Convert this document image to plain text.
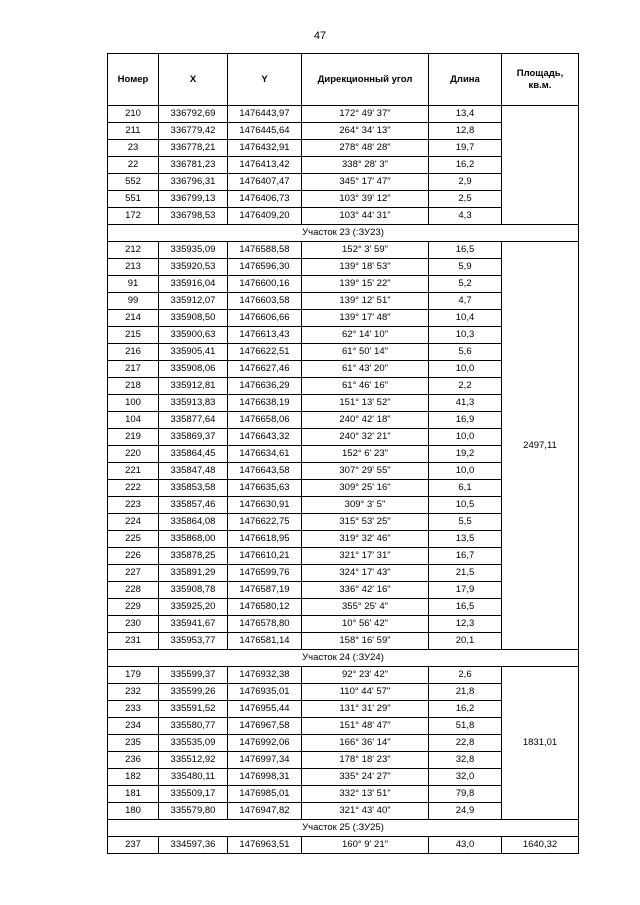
47
Номер	X	Y	Дирекционный угол	Длина	Площадь,
кв.м.
210	336792,69	1476443,97	172° 49' 37"	13,4	
211	336779,42	1476445,64	264° 34' 13"	12,8	
23	336778,21	1476432,91	278° 48' 28"	19,7	
22	336781,23	1476413,42	338° 28' 3"	16,2	
552	336796,31	1476407,47	345° 17' 47"	2,9	
551	336799,13	1476406,73	103° 39' 12"	2,5	
172	336798,53	1476409,20	103° 44' 31"	4,3	
Участок 23 (:ЗУ23)					
212	335935,09	1476588,58	152° 3' 59"	16,5	2497,11
213	335920,53	1476596,30	139° 18' 53"	5,9	
91	335916,04	1476600,16	139° 15' 22"	5,2	
99	335912,07	1476603,58	139° 12' 51"	4,7	
214	335908,50	1476606,66	139° 17' 48"	10,4	
215	335900,63	1476613,43	62° 14' 10"	10,3	
216	335905,41	1476622,51	61° 50' 14"	5,6	
217	335908,06	1476627,46	61° 43' 20"	10,0	
218	335912,81	1476636,29	61° 46' 16"	2,2	
100	335913,83	1476638,19	151° 13' 52"	41,3	
104	335877,64	1476658,06	240° 42' 18"	16,9	
219	335869,37	1476643,32	240° 32' 21"	10,0	
220	335864,45	1476634,61	152° 6' 23"	19,2	
221	335847,48	1476643,58	307° 29' 55"	10,0	
222	335853,58	1476635,63	309° 25' 16"	6,1	
223	335857,46	1476630,91	309° 3' 5"	10,5	
224	335864,08	1476622,75	315° 53' 25"	5,5	
225	335868,00	1476618,95	319° 32' 46"	13,5	
226	335878,25	1476610,21	321° 17' 31"	16,7	
227	335891,29	1476599,76	324° 17' 43"	21,5	
228	335908,78	1476587,19	336° 42' 16"	17,9	
229	335925,20	1476580,12	355° 25' 4"	16,5	
230	335941,67	1476578,80	10° 56' 42"	12,3	
231	335953,77	1476581,14	158° 16' 59"	20,1	
Участок 24 (:ЗУ24)					
179	335599,37	1476932,38	92° 23' 42"	2,6	1831,01
232	335599,26	1476935,01	110° 44' 57"	21,8	
233	335591,52	1476955,44	131° 31' 29"	16,2	
234	335580,77	1476967,58	151° 48' 47"	51,8	
235	335535,09	1476992,06	166° 36' 14"	22,8	
236	335512,92	1476997,34	178° 18' 23"	32,8	
182	335480,11	1476998,31	335° 24' 27"	32,0	
181	335509,17	1476985,01	332° 13' 51"	79,8	
180	335579,80	1476947,82	321° 43' 40"	24,9	
Участок 25 (:ЗУ25)					
237	334597,36	1476963,51	160° 9' 21"	43,0	1640,32
